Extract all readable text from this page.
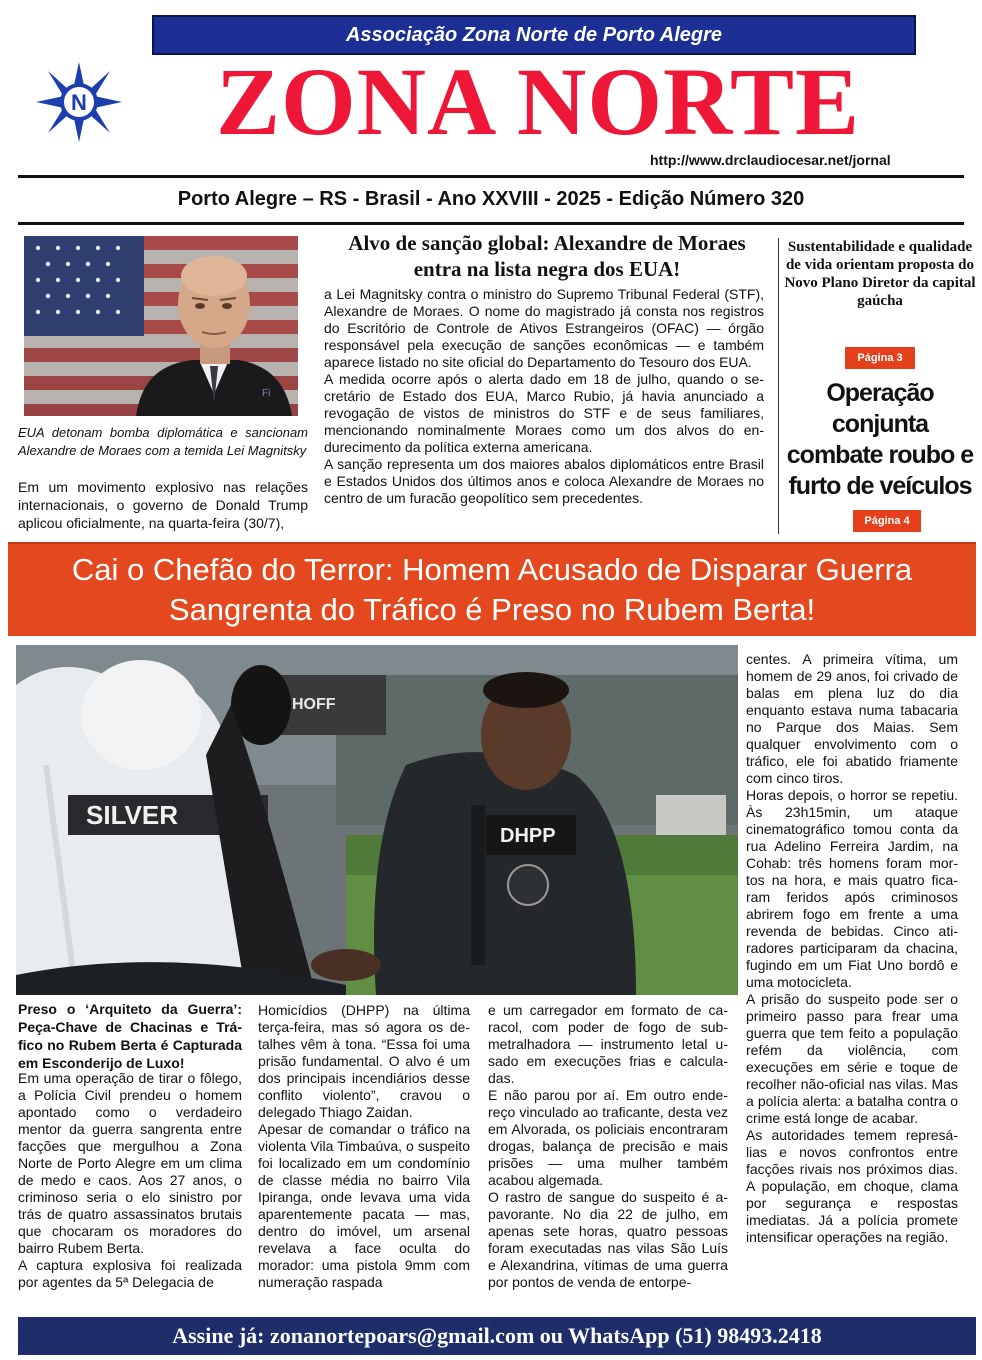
Associação Zona Norte de Porto Alegre
N	ZONA NORTE
http://www.drclaudiocesar.net/jornal
Porto Alegre – RS - Brasil - Ano XXVIII - 2025 - Edição Número 320
Fi
EUA detonam bomba diplomática e sancionam Alexandre de Moraes com a temida Lei Magnitsky
Em um movimento explosivo nas relações internacionais, o governo de Donald Trump aplicou oficialmente, na quarta-feira (30/7),
Alvo de sanção global: Alexandre de Moraes entra na lista negra dos EUA!

a Lei Magnitsky contra o ministro do Supremo Tribunal Federal (STF), Alexandre de Moraes. O nome do magistrado já consta nos registros do Escritório de Controle de Ativos Estrangeiros (OFAC) — órgão responsável pela execução de sanções econômicas — e também aparece listado no site oficial do Departamento do Tesouro dos EUA.

A medida ocorre após o alerta dado em 18 de julho, quando o secretário de Estado dos EUA, Marco Rubio, já havia anunciado a revogação de vistos de ministros do STF e de seus familiares, mencionando nominalmente Moraes como um dos alvos do endurecimento da política externa americana.

A sanção representa um dos maiores abalos diplomáticos entre Brasil e Estados Unidos dos últimos anos e coloca Alexandre de Moraes no centro de um furacão geopolítico sem precedentes.

Sustentabilidade e qualidade de vida orientam proposta do Novo Plano Diretor da capital gaúcha
Página 3
Operação conjunta combate roubo e furto de veículos
Página 4
Cai o Chefão do Terror: Homem Acusado de Disparar Guerra Sangrenta do Tráfico é Preso no Rubem Berta!
HOFF
SILVER
DHPP
Preso o ‘Arquiteto da Guerra’: Peça-Chave de Chacinas e Tráfico no Rubem Berta é Capturada em Esconderijo de Luxo!

Em uma operação de tirar o fôlego, a Polícia Civil prendeu o homem apontado como o verdadeiro mentor da guerra sangrenta entre facções que mergulhou a Zona Norte de Porto Alegre em um clima de medo e caos. Aos 27 anos, o criminoso seria o elo sinistro por trás de quatro assassinatos brutais que chocaram os moradores do bairro Rubem Berta.

A captura explosiva foi realizada por agentes da 5ª Delegacia de

Homicídios (DHPP) na última terça-feira, mas só agora os detalhes vêm à tona. “Essa foi uma prisão fundamental. O alvo é um dos principais incendiários desse conflito violento”, cravou o delegado Thiago Zaidan.

Apesar de comandar o tráfico na violenta Vila Timbaúva, o suspeito foi localizado em um condomínio de classe média no bairro Vila Ipiranga, onde levava uma vida aparentemente pacata — mas, dentro do imóvel, um arsenal revelava a face oculta do morador: uma pistola 9mm com numeração raspada

e um carregador em formato de caracol, com poder de fogo de submetralhadora — instrumento letal usado em execuções frias e calculadas.

E não parou por aí. Em outro endereço vinculado ao traficante, desta vez em Alvorada, os policiais encontraram drogas, balança de precisão e mais prisões — uma mulher também acabou algemada.

O rastro de sangue do suspeito é apavorante. No dia 22 de julho, em apenas sete horas, quatro pessoas foram executadas nas vilas São Luís e Alexandrina, vítimas de uma guerra por pontos de venda de entorpe-

centes. A primeira vítima, um homem de 29 anos, foi crivado de balas em plena luz do dia enquanto estava numa tabacaria no Parque dos Maias. Sem qualquer envolvimento com o tráfico, ele foi abatido friamente com cinco tiros.

Horas depois, o horror se repetiu. Às 23h15min, um ataque cinematográfico tomou conta da rua Adelino Ferreira Jardim, na Cohab: três homens foram mortos na hora, e mais quatro ficaram feridos após criminosos abrirem fogo em frente a uma revenda de bebidas. Cinco atiradores participaram da chacina, fugindo em um Fiat Uno bordô e uma motocicleta.

A prisão do suspeito pode ser o primeiro passo para frear uma guerra que tem feito a população refém da violência, com execuções em série e toque de recolher não-oficial nas vilas. Mas a polícia alerta: a batalha contra o crime está longe de acabar.

As autoridades temem represálias e novos confrontos entre facções rivais nos próximos dias. A população, em choque, clama por segurança e respostas imediatas. Já a polícia promete intensificar operações na região.

Assine já: zonanortepoars@gmail.com ou WhatsApp (51) 98493.2418
